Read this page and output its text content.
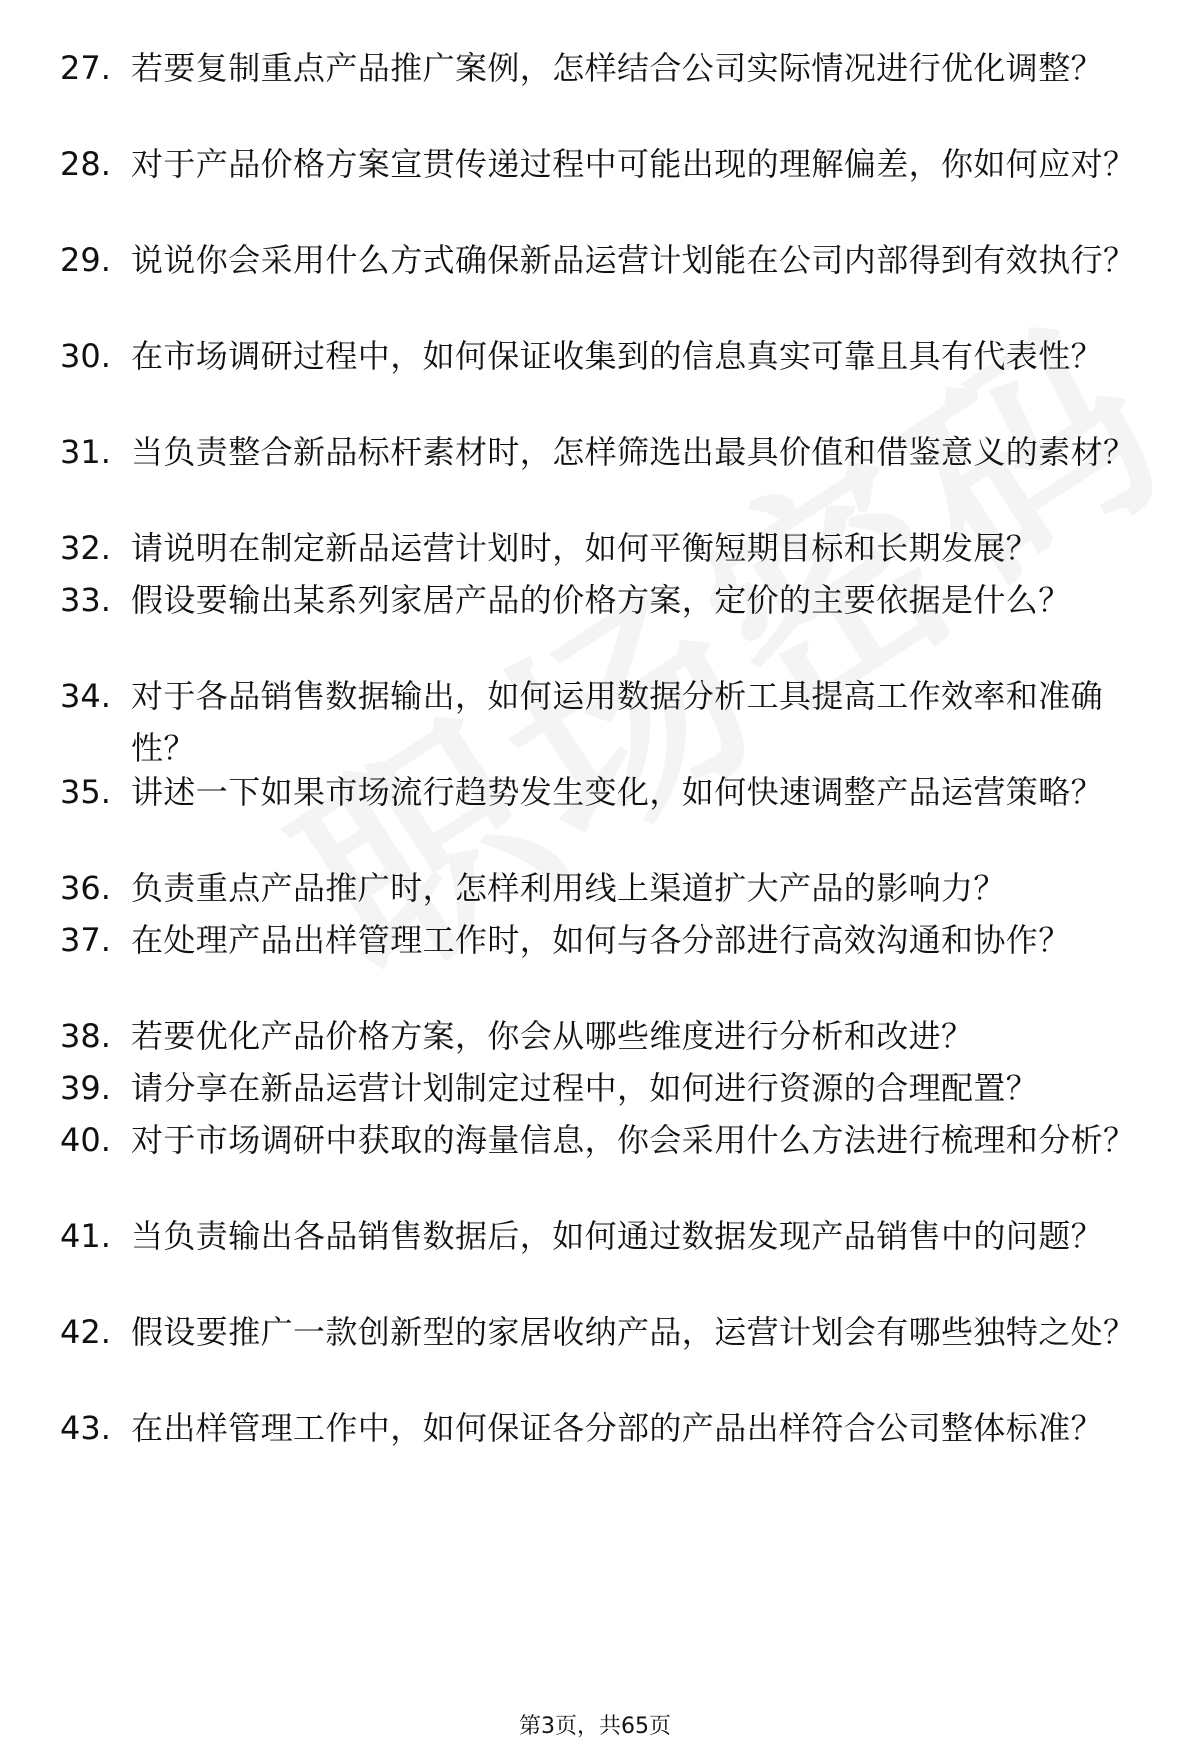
27. 若要复制重点产品推广案例，怎样结合公司实际情况进行优化调整？
28. 对于产品价格方案宣贯传递过程中可能出现的理解偏差，你如何应对？
29. 说说你会采用什么方式确保新品运营计划能在公司内部得到有效执行？
30. 在市场调研过程中，如何保证收集到的信息真实可靠且具有代表性？
31. 当负责整合新品标杆素材时，怎样筛选出最具价值和借鉴意义的素材？
32. 请说明在制定新品运营计划时，如何平衡短期目标和长期发展？
33. 假设要输出某系列家居产品的价格方案，定价的主要依据是什么？
34. 对于各品销售数据输出，如何运用数据分析工具提高工作效率和准确性？
35. 讲述一下如果市场流行趋势发生变化，如何快速调整产品运营策略？
36. 负责重点产品推广时，怎样利用线上渠道扩大产品的影响力？
37. 在处理产品出样管理工作时，如何与各分部进行高效沟通和协作？
38. 若要优化产品价格方案，你会从哪些维度进行分析和改进？
39. 请分享在新品运营计划制定过程中，如何进行资源的合理配置？
40. 对于市场调研中获取的海量信息，你会采用什么方法进行梳理和分析？
41. 当负责输出各品销售数据后，如何通过数据发现产品销售中的问题？
42. 假设要推广一款创新型的家居收纳产品，运营计划会有哪些独特之处？
43. 在出样管理工作中，如何保证各分部的产品出样符合公司整体标准？
第3页，共65页
